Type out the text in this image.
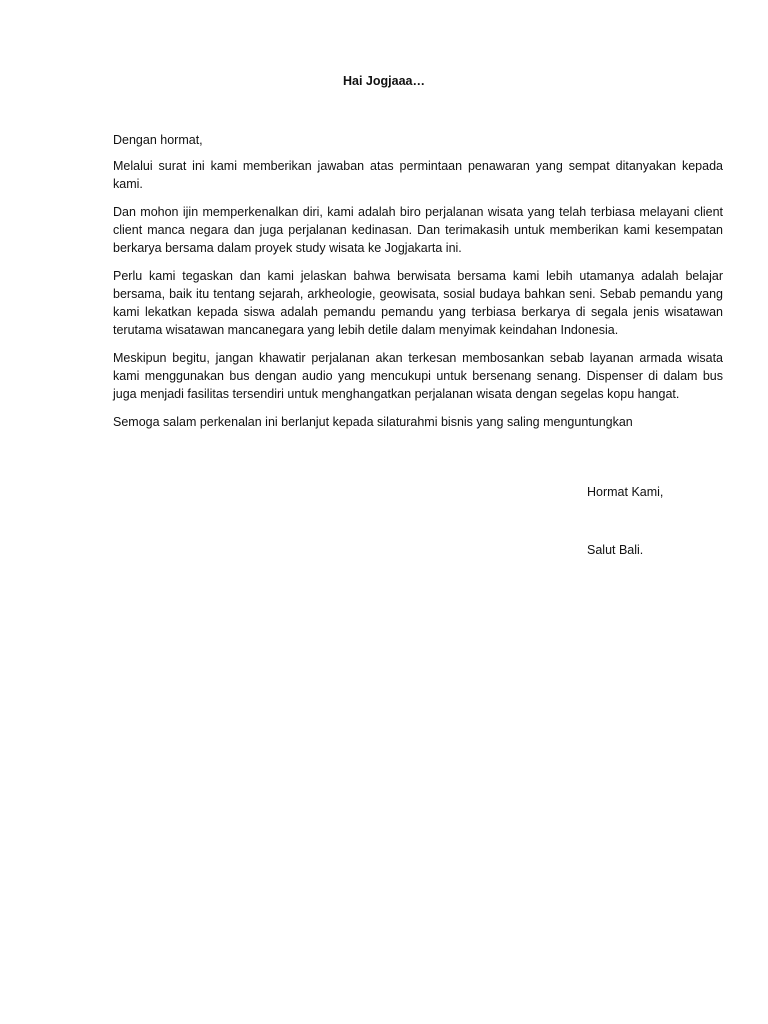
Hai Jogjaaa…

Dengan hormat,

Melalui surat ini kami memberikan jawaban atas permintaan penawaran yang sempat ditanyakan kepada kami.

Dan mohon ijin memperkenalkan diri, kami adalah biro perjalanan wisata yang telah terbiasa melayani client client manca negara dan juga perjalanan kedinasan. Dan terimakasih untuk memberikan kami kesempatan berkarya bersama dalam proyek study wisata ke Jogjakarta ini.

Perlu kami tegaskan dan kami jelaskan bahwa berwisata bersama kami lebih utamanya adalah belajar bersama, baik itu tentang sejarah, arkheologie, geowisata, sosial budaya bahkan seni. Sebab pemandu yang kami lekatkan kepada siswa adalah pemandu pemandu yang terbiasa berkarya di segala jenis wisatawan terutama wisatawan mancanegara yang lebih detile dalam menyimak keindahan Indonesia.

Meskipun begitu, jangan khawatir perjalanan akan terkesan membosankan sebab layanan armada wisata kami menggunakan bus dengan audio yang mencukupi untuk bersenang senang. Dispenser di dalam bus juga menjadi fasilitas tersendiri untuk menghangatkan perjalanan wisata dengan segelas kopu hangat.

Semoga salam perkenalan ini berlanjut kepada silaturahmi bisnis yang saling menguntungkan

Hormat Kami,
Salut Bali.
